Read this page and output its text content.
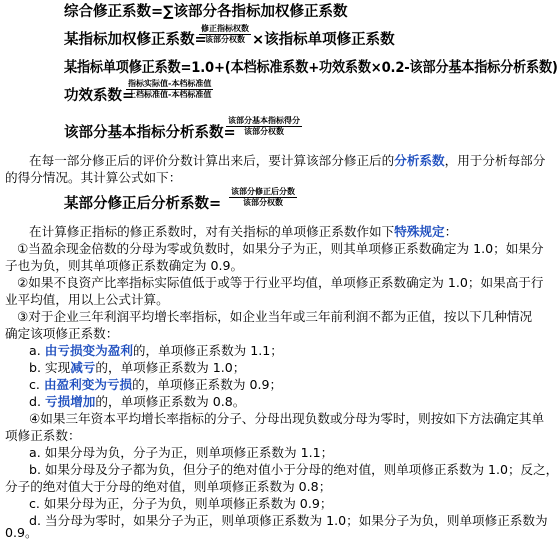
综合修正系数=∑该部分各指标加权修正系数
某指标加权修正系数=
修正指标权数
该部分权数 ×该指标单项修正系数
某指标单项修正系数=1.0+(本档标准系数+功效系数×0.2-该部分基本指标分析系数)
功效系数=
指标实际值-本档标准值
上档标准值-本档标准值
该部分基本指标分析系数=
该部分基本指标得分
该部分权数
在每一部分修正后的评价分数计算出来后，要计算该部分修正后的分析系数，用于分析每部分
的得分情况。其计算公式如下：
某部分修正后分析系数=
该部分修正后分数
该部分权数
在计算修正指标的修正系数时，对有关指标的单项修正系数作如下特殊规定：
①当盈余现金倍数的分母为零或负数时，如果分子为正，则其单项修正系数确定为 1.0；如果分
子也为负，则其单项修正系数确定为 0.9。
②如果不良资产比率指标实际值低于或等于行业平均值，单项修正系数确定为 1.0；如果高于行
业平均值，用以上公式计算。
③对于企业三年利润平均增长率指标，如企业当年或三年前利润不都为正值，按以下几种情况
确定该项修正系数：
a. 由亏损变为盈利的，单项修正系数为 1.1；
b. 实现减亏的，单项修正系数为 1.0；
c. 由盈利变为亏损的，单项修正系数为 0.9；
d. 亏损增加的，单项修正系数为 0.8。
④如果三年资本平均增长率指标的分子、分母出现负数或分母为零时，则按如下方法确定其单
项修正系数：
a. 如果分母为负，分子为正，则单项修正系数为 1.1；
b. 如果分母及分子都为负，但分子的绝对值小于分母的绝对值，则单项修正系数为 1.0；反之，
分子的绝对值大于分母的绝对值，则单项修正系数为 0.8；
c. 如果分母为正，分子为负，则单项修正系数为 0.9；
d. 当分母为零时，如果分子为正，则单项修正系数为 1.0；如果分子为负，则单项修正系数为
0.9。
